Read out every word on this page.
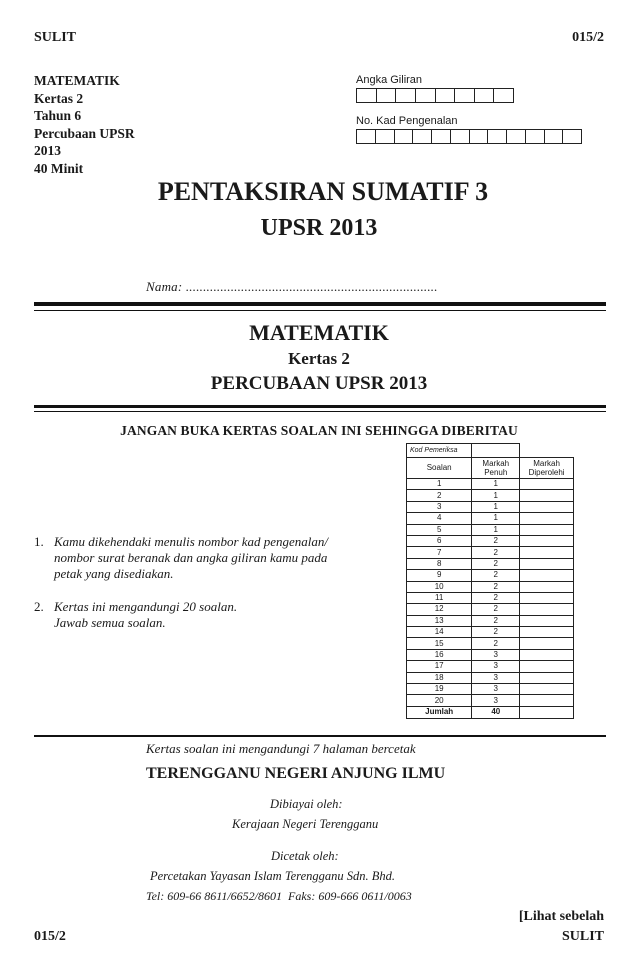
SULIT	015/2
MATEMATIK
Kertas 2
Tahun 6
Percubaan UPSR
2013
40 Minit
Angka Giliran
No. Kad Pengenalan
PENTAKSIRAN SUMATIF 3
UPSR 2013
Nama: .........................................................................
MATEMATIK
Kertas 2
PERCUBAAN UPSR 2013
JANGAN BUKA KERTAS SOALAN INI SEHINGGA DIBERITAU
1. Kamu dikehendaki menulis nombor kad pengenalan/
nombor surat beranak dan angka giliran kamu pada
petak yang disediakan.
2. Kertas ini mengandungi 20 soalan.
Jawab semua soalan.
Kod Pemeriksa		
Soalan	Markah Penuh	Markah Diperolehi
1	1	
2	1	
3	1	
4	1	
5	1	
6	2	
7	2	
8	2	
9	2	
10	2	
11	2	
12	2	
13	2	
14	2	
15	2	
16	3	
17	3	
18	3	
19	3	
20	3	
Jumlah	40	
Kertas soalan ini mengandungi 7 halaman bercetak
TERENGGANU NEGERI ANJUNG ILMU
Dibiayai oleh:
Kerajaan Negeri Terengganu
Dicetak oleh:
Percetakan Yayasan Islam Terengganu Sdn. Bhd.
Tel: 609-66 8611/6652/8601  Faks: 609-666 0611/0063
[Lihat sebelah
015/2	SULIT
